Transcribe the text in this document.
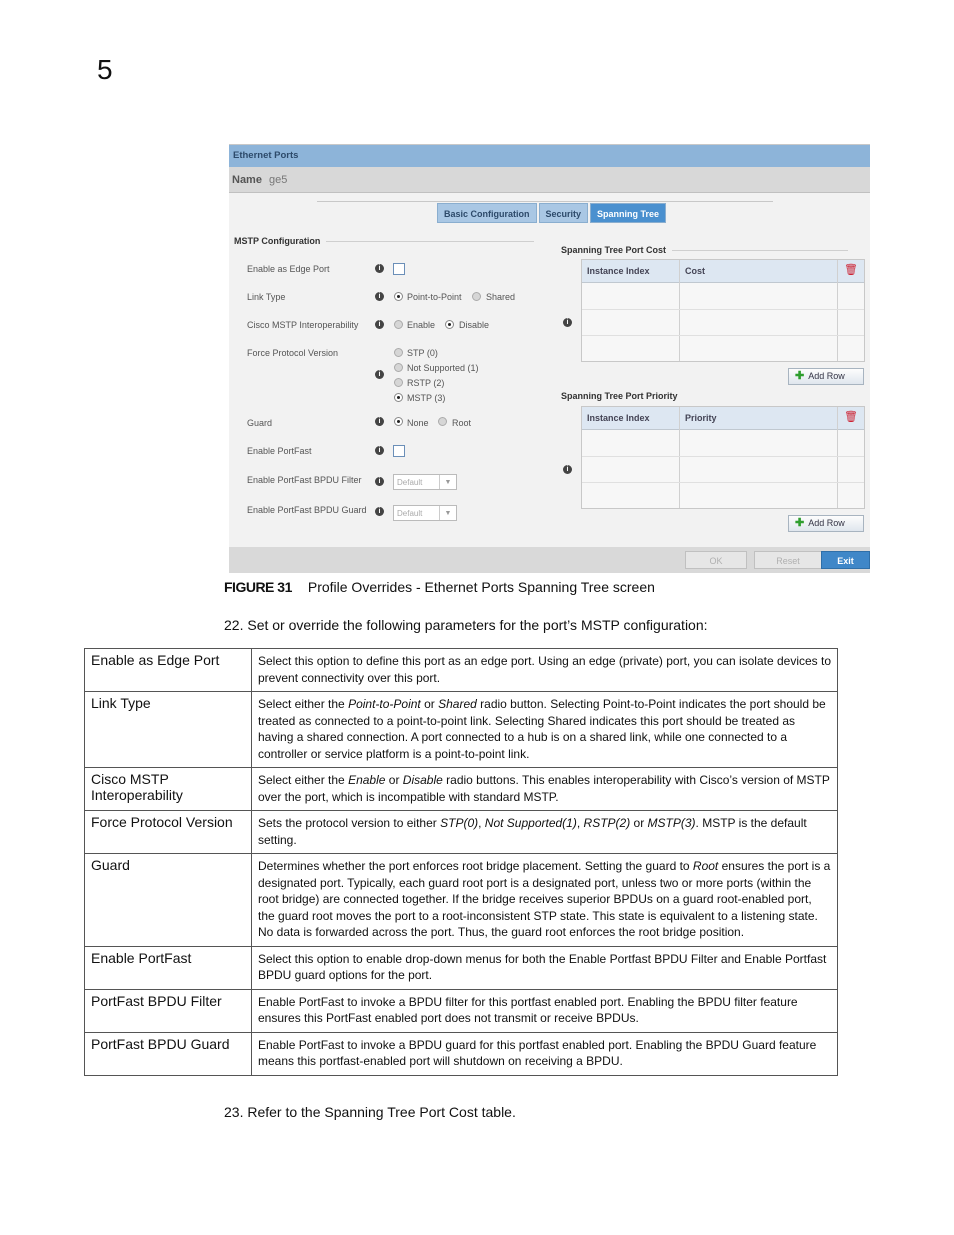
5
Ethernet Ports
Name ge5
Basic Configuration	Security	Spanning Tree
MSTP Configuration
Enable as Edge Port	i
Link Type	i	Point-to-Point	Shared
Cisco MSTP Interoperability	i	Enable	Disable
Force Protocol Version
i
STP (0)
Not Supported (1)
RSTP (2)
MSTP (3)
Guard	i	None	Root
Enable PortFast	i
Enable PortFast BPDU Filter	i	Default	▼
Enable PortFast BPDU Guard	i	Default	▼
Spanning Tree Port Cost
i
Instance Index	Cost	🗑
✚ Add Row
Spanning Tree Port Priority
i
Instance Index	Priority	🗑
✚ Add Row
OK	Reset	Exit
FIGURE 31 Profile Overrides - Ethernet Ports Spanning Tree screen
22. Set or override the following parameters for the port’s MSTP configuration:
Enable as Edge Port	Select this option to define this port as an edge port. Using an edge (private) port, you can isolate devices to prevent connectivity over this port.
Link Type	Select either the Point-to-Point or Shared radio button. Selecting Point-to-Point indicates the port should be treated as connected to a point-to-point link. Selecting Shared indicates this port should be treated as having a shared connection. A port connected to a hub is on a shared link, while one connected to a controller or service platform is a point-to-point link.
Cisco MSTP Interoperability	Select either the Enable or Disable radio buttons. This enables interoperability with Cisco’s version of MSTP over the port, which is incompatible with standard MSTP.
Force Protocol Version	Sets the protocol version to either STP(0), Not Supported(1), RSTP(2) or MSTP(3). MSTP is the default setting.
Guard	Determines whether the port enforces root bridge placement. Setting the guard to Root ensures the port is a designated port. Typically, each guard root port is a designated port, unless two or more ports (within the root bridge) are connected together. If the bridge receives superior BPDUs on a guard root-enabled port, the guard root moves the port to a root-inconsistent STP state. This state is equivalent to a listening state. No data is forwarded across the port. Thus, the guard root enforces the root bridge position.
Enable PortFast	Select this option to enable drop-down menus for both the Enable Portfast BPDU Filter and Enable Portfast BPDU guard options for the port.
PortFast BPDU Filter	Enable PortFast to invoke a BPDU filter for this portfast enabled port. Enabling the BPDU filter feature ensures this PortFast enabled port does not transmit or receive BPDUs.
PortFast BPDU Guard	Enable PortFast to invoke a BPDU guard for this portfast enabled port. Enabling the BPDU Guard feature means this portfast-enabled port will shutdown on receiving a BPDU.
23. Refer to the Spanning Tree Port Cost table.
